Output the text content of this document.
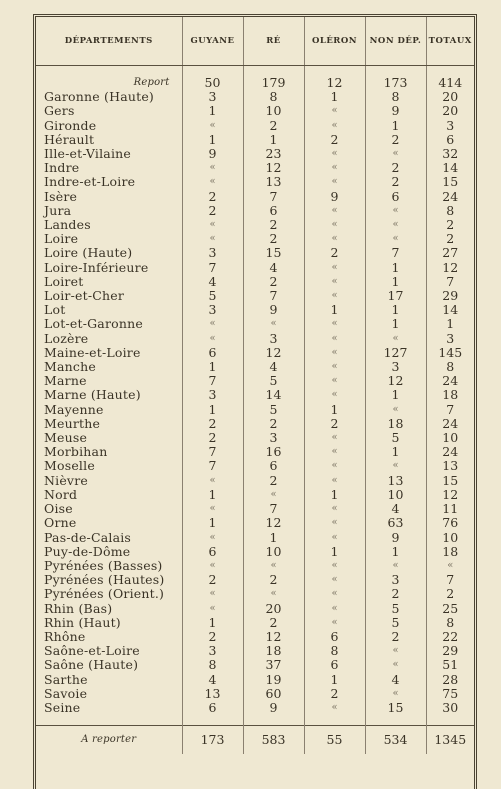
DÉPARTEMENTS	GUYANE	RÉ	OLÉRON	NON DÉP.	TOTAUX

Report	50	179	12	173	414
Garonne (Haute)	3	8	1	8	20
Gers	1	10	«	9	20
Gironde	«	2	«	1	3
Hérault	1	1	2	2	6
Ille-et-Vilaine	9	23	«	«	32
Indre	«	12	«	2	14
Indre-et-Loire	«	13	«	2	15
Isère	2	7	9	6	24
Jura	2	6	«	«	8
Landes	«	2	«	«	2
Loire	«	2	«	«	2
Loire (Haute)	3	15	2	7	27
Loire-Inférieure	7	4	«	1	12
Loiret	4	2	«	1	7
Loir-et-Cher	5	7	«	17	29
Lot	3	9	1	1	14
Lot-et-Garonne	«	«	«	1	1
Lozère	«	3	«	«	3
Maine-et-Loire	6	12	«	127	145
Manche	1	4	«	3	8
Marne	7	5	«	12	24
Marne (Haute)	3	14	«	1	18
Mayenne	1	5	1	«	7
Meurthe	2	2	2	18	24
Meuse	2	3	«	5	10
Morbihan	7	16	«	1	24
Moselle	7	6	«	«	13
Nièvre	«	2	«	13	15
Nord	1	«	1	10	12
Oise	«	7	«	4	11
Orne	1	12	«	63	76
Pas-de-Calais	«	1	«	9	10
Puy-de-Dôme	6	10	1	1	18
Pyrénées (Basses)	«	«	«	«	«
Pyrénées (Hautes)	2	2	«	3	7
Pyrénées (Orient.)	«	«	«	2	2
Rhin (Bas)	«	20	«	5	25
Rhin (Haut)	1	2	«	5	8
Rhône	2	12	6	2	22
Saône-et-Loire	3	18	8	«	29
Saône (Haute)	8	37	6	«	51
Sarthe	4	19	1	4	28
Savoie	13	60	2	«	75
Seine	6	9	«	15	30

A reporter	173	583	55	534	1345
